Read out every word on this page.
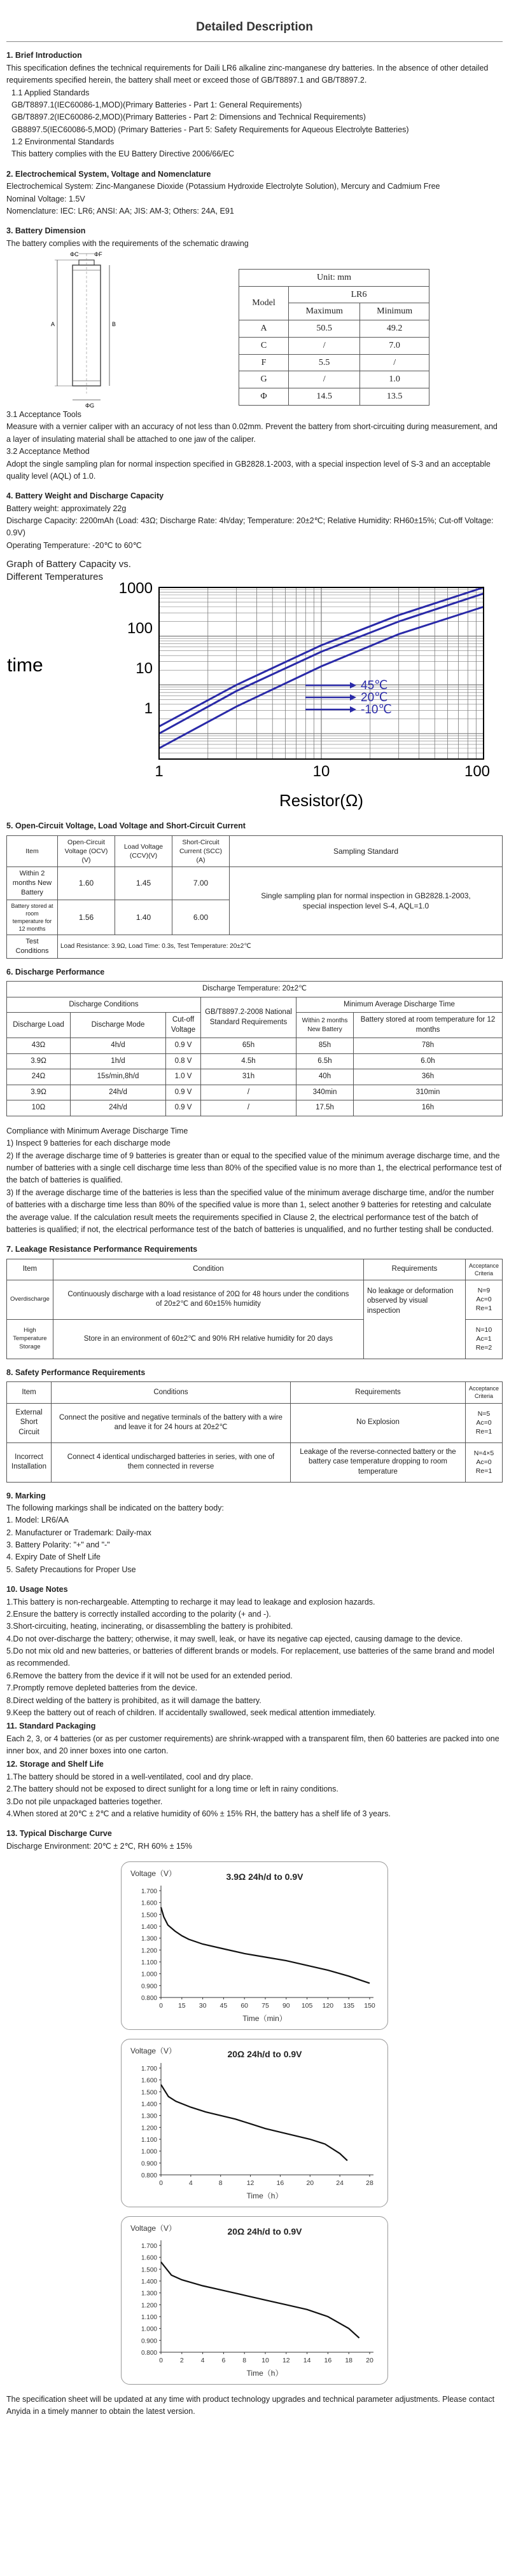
Detailed Description
1. Brief Introduction

This specification defines the technical requirements for Daili LR6 alkaline zinc-manganese dry batteries. In the absence of other detailed requirements specified herein, the battery shall meet or exceed those of GB/T8897.1 and GB/T8897.2.

1.1 Applied Standards

GB/T8897.1(IEC60086-1,MOD)(Primary Batteries - Part 1: General Requirements)

GB/T8897.2(IEC60086-2,MOD)(Primary Batteries - Part 2: Dimensions and Technical Requirements)

GB8897.5(IEC60086-5,MOD) (Primary Batteries - Part 5: Safety Requirements for Aqueous Electrolyte Batteries)

1.2 Environmental Standards

This battery complies with the EU Battery Directive 2006/66/EC

2. Electrochemical System, Voltage and Nomenclature

Electrochemical System: Zinc-Manganese Dioxide (Potassium Hydroxide Electrolyte Solution), Mercury and Cadmium Free

Nominal Voltage: 1.5V

Nomenclature: IEC: LR6; ANSI: AA; JIS: AM-3; Others: 24A, E91

3. Battery Dimension

The battery complies with the requirements of the schematic drawing

ΦC	ΦF
ΦG
A	B
Unit: mm		
Model	LR6	
	Maximum	Minimum
A	50.5	49.2
C	/	7.0
F	5.5	/
G	/	1.0
Φ	14.5	13.5

3.1 Acceptance Tools

Measure with a vernier caliper with an accuracy of not less than 0.02mm. Prevent the battery from short-circuiting during measurement, and a layer of insulating material shall be attached to one jaw of the caliper.

3.2 Acceptance Method

Adopt the single sampling plan for normal inspection specified in GB2828.1-2003, with a special inspection level of S-3 and an acceptable quality level (AQL) of 1.0.

4. Battery Weight and Discharge Capacity

Battery weight: approximately 22g

Discharge Capacity: 2200mAh (Load: 43Ω; Discharge Rate: 4h/day; Temperature: 20±2℃; Relative Humidity: RH60±15%; Cut-off Voltage: 0.9V)

Operating Temperature: -20℃ to 60℃

Graph of Battery Capacity vs.
Different Temperatures
time
Resistor(Ω)
1000
100
10
1
1	10	100
45℃
20℃
-10℃
5. Open-Circuit Voltage, Load Voltage and Short-Circuit Current
Item	Open-Circuit Voltage (OCV)(V)	Load Voltage (CCV)(V)	Short-Circuit Current (SCC)(A)	Sampling Standard
Within 2 months New Battery	1.60	1.45	7.00	Single sampling plan for normal inspection in GB2828.1-2003, special inspection level S-4, AQL=1.0
Battery stored at room temperature for 12 months	1.56	1.40	6.00	
Test Conditions	Load Resistance: 3.9Ω, Load Time: 0.3s, Test Temperature: 20±2℃			
6. Discharge Performance
Discharge Temperature: 20±2℃					
Discharge Conditions			GB/T8897.2-2008 National Standard Requirements	Minimum Average Discharge Time	
Discharge Load	Discharge Mode	Cut-off Voltage		Within 2 months New Battery	Battery stored at room temperature for 12 months
43Ω	4h/d	0.9 V	65h	85h	78h
3.9Ω	1h/d	0.8 V	4.5h	6.5h	6.0h
24Ω	15s/min,8h/d	1.0 V	31h	40h	36h
3.9Ω	24h/d	0.9 V	/	340min	310min
10Ω	24h/d	0.9 V	/	17.5h	16h

Compliance with Minimum Average Discharge Time

1) Inspect 9 batteries for each discharge mode

2) If the average discharge time of 9 batteries is greater than or equal to the specified value of the minimum average discharge time, and the number of batteries with a single cell discharge time less than 80% of the specified value is no more than 1, the electrical performance test of the batch of batteries is qualified.

3) If the average discharge time of the batteries is less than the specified value of the minimum average discharge time, and/or the number of batteries with a discharge time less than 80% of the specified value is more than 1, select another 9 batteries for retesting and calculate the average value. If the calculation result meets the requirements specified in Clause 2, the electrical performance test of the batch of batteries is qualified; if not, the electrical performance test of the batch of batteries is unqualified, and no further testing shall be conducted.

7. Leakage Resistance Performance Requirements
Item	Condition	Requirements	Acceptance Criteria
Overdischarge	Continuously discharge with a load resistance of 20Ω for 48 hours under the conditions of 20±2℃ and 60±15% humidity	No leakage or deformation observed by visual inspection	N=9
Ac=0
Re=1
High Temperature Storage	Store in an environment of 60±2℃ and 90% RH relative humidity for 20 days		N=10
Ac=1
Re=2
8. Safety Performance Requirements
Item	Conditions	Requirements	Acceptance Criteria
External Short Circuit	Connect the positive and negative terminals of the battery with a wire and leave it for 24 hours at 20±2℃	No Explosion	N=5
Ac=0
Re=1
Incorrect Installation	Connect 4 identical undischarged batteries in series, with one of them connected in reverse	Leakage of the reverse-connected battery or the battery case temperature dropping to room temperature	N=4×5
Ac=0
Re=1
9. Marking

The following markings shall be indicated on the battery body:

1. Model: LR6/AA

2. Manufacturer or Trademark: Daily-max

3. Battery Polarity: "+" and "-"

4. Expiry Date of Shelf Life

5. Safety Precautions for Proper Use

10. Usage Notes

1.This battery is non-rechargeable. Attempting to recharge it may lead to leakage and explosion hazards.

2.Ensure the battery is correctly installed according to the polarity (+ and -).

3.Short-circuiting, heating, incinerating, or disassembling the battery is prohibited.

4.Do not over-discharge the battery; otherwise, it may swell, leak, or have its negative cap ejected, causing damage to the device.

5.Do not mix old and new batteries, or batteries of different brands or models. For replacement, use batteries of the same brand and model as recommended.

6.Remove the battery from the device if it will not be used for an extended period.

7.Promptly remove depleted batteries from the device.

8.Direct welding of the battery is prohibited, as it will damage the battery.

9.Keep the battery out of reach of children. If accidentally swallowed, seek medical attention immediately.

11. Standard Packaging

Each 2, 3, or 4 batteries (or as per customer requirements) are shrink-wrapped with a transparent film, then 60 batteries are packed into one inner box, and 20 inner boxes into one carton.

12. Storage and Shelf Life

1.The battery should be stored in a well-ventilated, cool and dry place.

2.The battery should not be exposed to direct sunlight for a long time or left in rainy conditions.

3.Do not pile unpackaged batteries together.

4.When stored at 20℃ ± 2℃ and a relative humidity of 60% ± 15% RH, the battery has a shelf life of 3 years.

13. Typical Discharge Curve

Discharge Environment: 20℃ ± 2℃, RH 60% ± 15%

Voltage（V）	3.9Ω 24h/d to 0.9V
1.700
1.600
1.500
1.400
1.300
1.200
1.100
1.000
0.900
0.800
0 15 30 45 60 75 90 105 120 135 150
Time（min）
Voltage（V）	20Ω 24h/d to 0.9V
1.700
1.600
1.500
1.400
1.300
1.200
1.100
1.000
0.900
0.800
0	4	8	12	16	20	24	28
Time（h）
Voltage（V）	20Ω 24h/d to 0.9V
1.700
1.600
1.500
1.400
1.300
1.200
1.100
1.000
0.900
0.800
0	2	4	6	8 10 12 14 16 18 20
Time（h）

The specification sheet will be updated at any time with product technology upgrades and technical parameter adjustments. Please contact Anyida in a timely manner to obtain the latest version.
